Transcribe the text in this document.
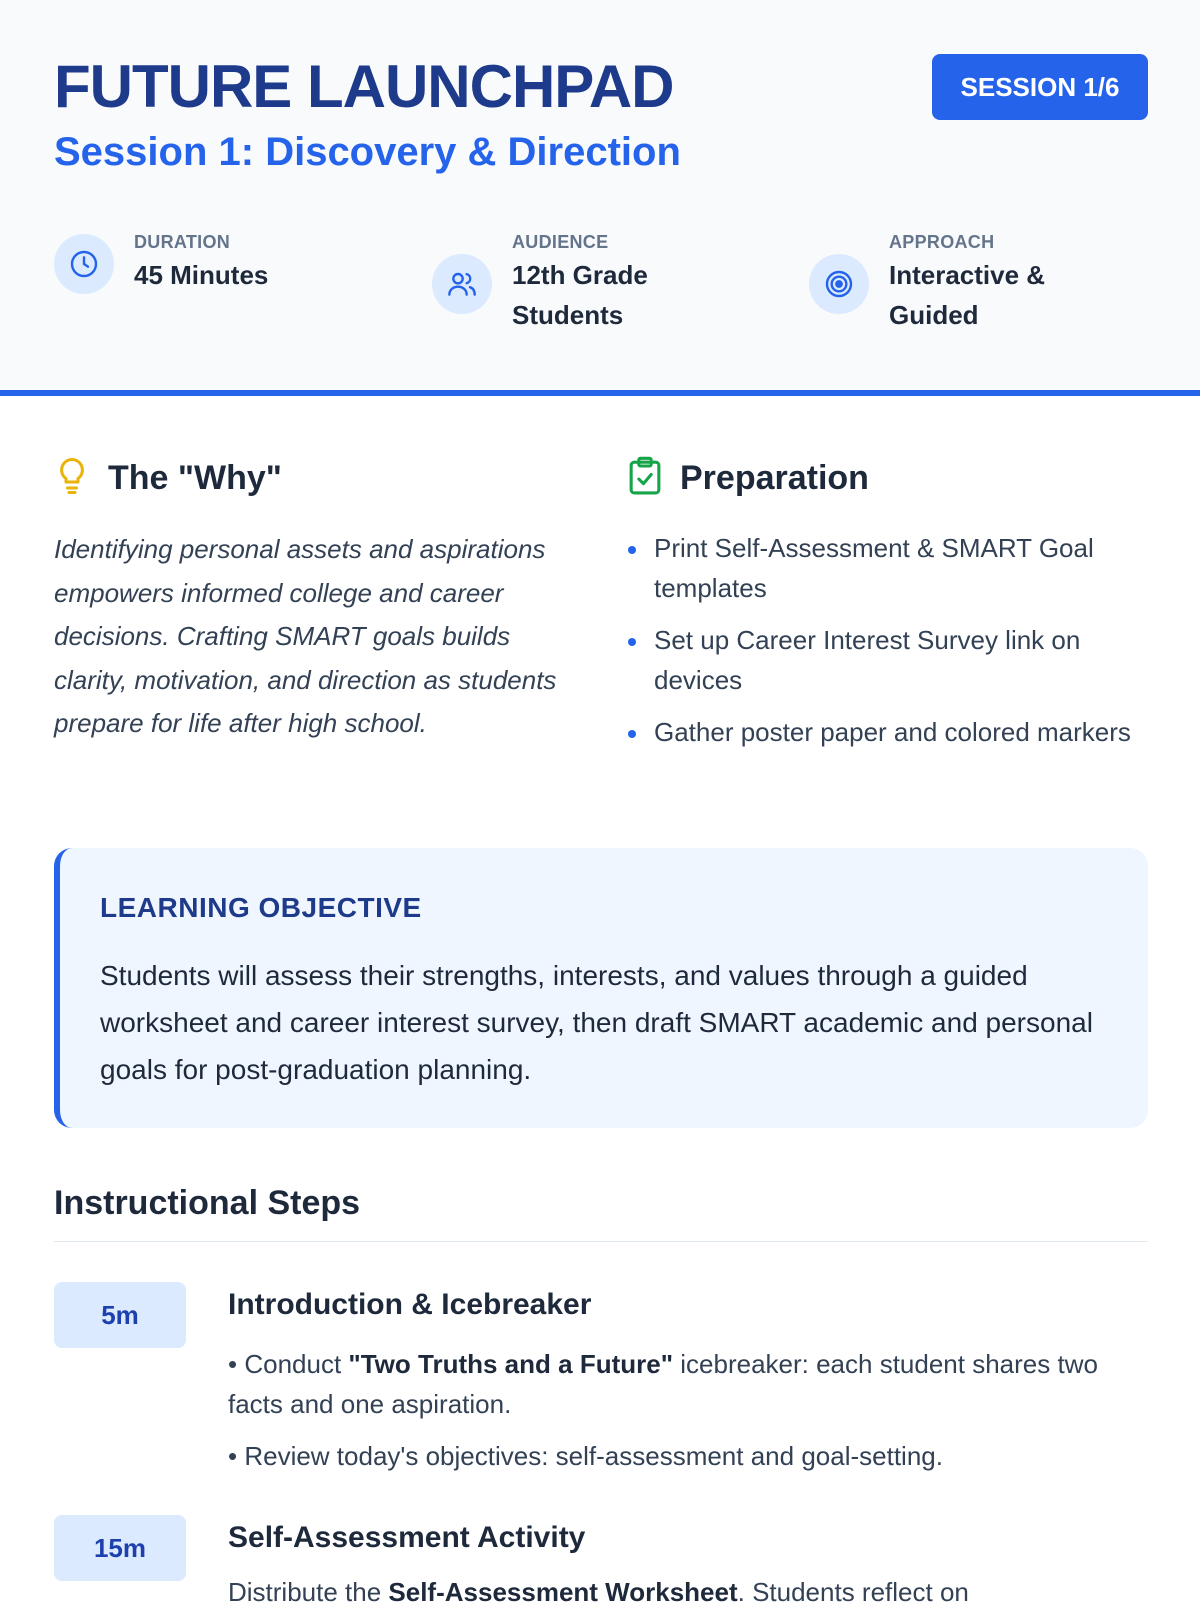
FUTURE LAUNCHPAD
Session 1: Discovery & Direction
SESSION 1/6
DURATION
45 Minutes
AUDIENCE
12th Grade Students
APPROACH
Interactive & Guided
The "Why"
Identifying personal assets and aspirations empowers informed college and career decisions. Crafting SMART goals builds clarity, motivation, and direction as students prepare for life after high school.
Preparation
Print Self-Assessment & SMART Goal templates
Set up Career Interest Survey link on devices
Gather poster paper and colored markers
LEARNING OBJECTIVE
Students will assess their strengths, interests, and values through a guided worksheet and career interest survey, then draft SMART academic and personal goals for post-graduation planning.
Instructional Steps
5m	Introduction & Icebreaker

• Conduct "Two Truths and a Future" icebreaker: each student shares two facts and one aspiration.

• Review today's objectives: self-assessment and goal-setting.

15m	Self-Assessment Activity

Distribute the Self-Assessment Worksheet. Students reflect on
